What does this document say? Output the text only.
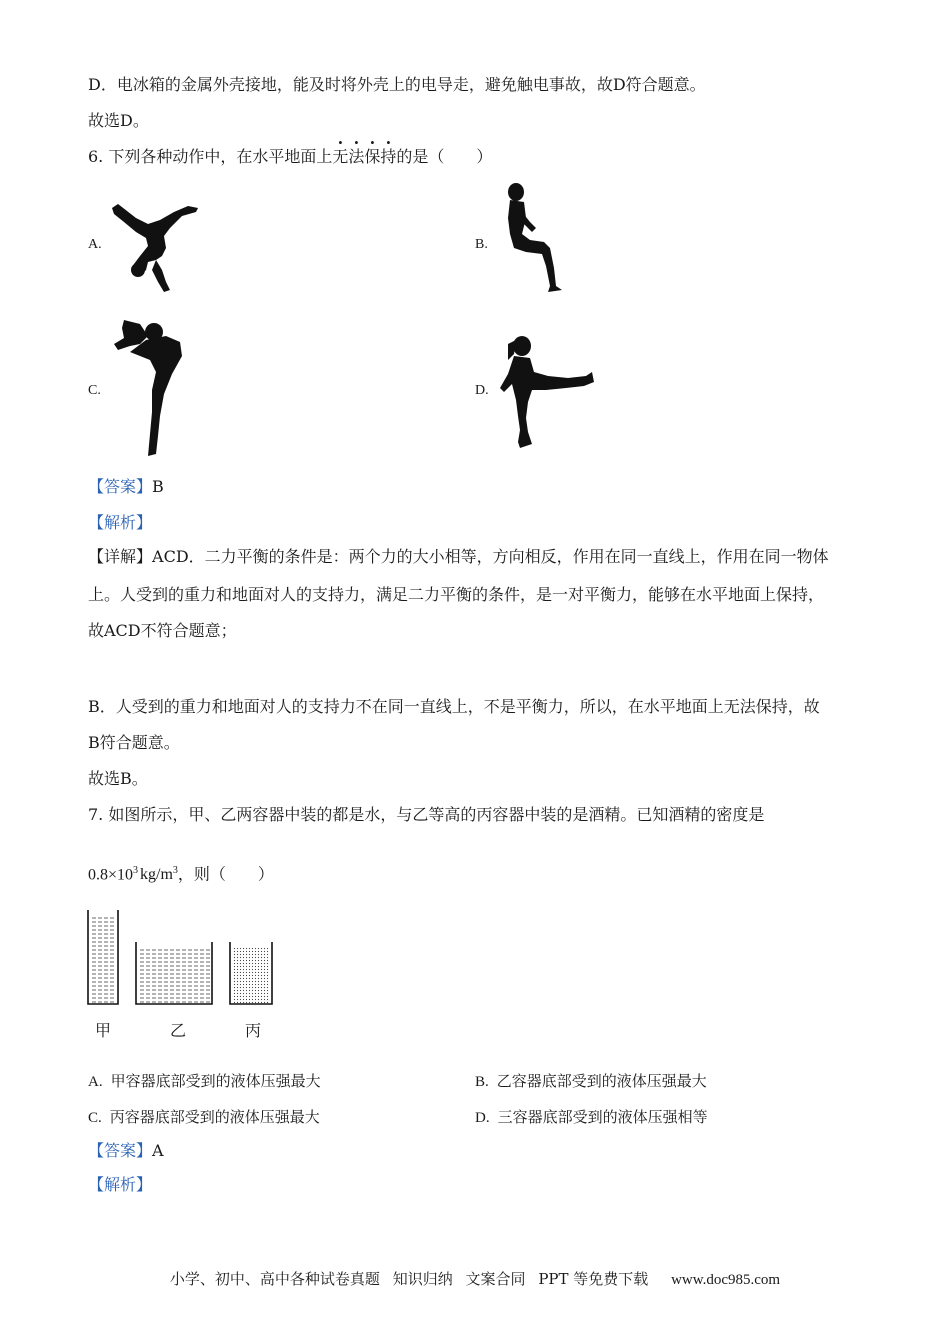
D．电冰箱的金属外壳接地，能及时将外壳上的电导走，避免触电事故，故D符合题意。
故选D。
6. 下列各种动作中，在水平地面上无法保持的是（　　）
A.	B.
C.	D.
【答案】B
【解析】
【详解】ACD．二力平衡的条件是：两个力的大小相等，方向相反，作用在同一直线上，作用在同一物体
上。人受到的重力和地面对人的支持力，满足二力平衡的条件，是一对平衡力，能够在水平地面上保持，
故ACD不符合题意；
B．人受到的重力和地面对人的支持力不在同一直线上，不是平衡力，所以，在水平地面上无法保持，故
B符合题意。
故选B。
7. 如图所示，甲、乙两容器中装的都是水，与乙等高的丙容器中装的是酒精。已知酒精的密度是
$0.8\times 10^3$ $kg/m^3$，则（　　）
甲	乙	丙
A. 甲容器底部受到的液体压强最大	B. 乙容器底部受到的液体压强最大
C. 丙容器底部受到的液体压强最大	D. 三容器底部受到的液体压强相等
【答案】A
【解析】
小学、初中、高中各种试卷真题 知识归纳 文案合同 PPT 等免费下载 www.doc985.com
